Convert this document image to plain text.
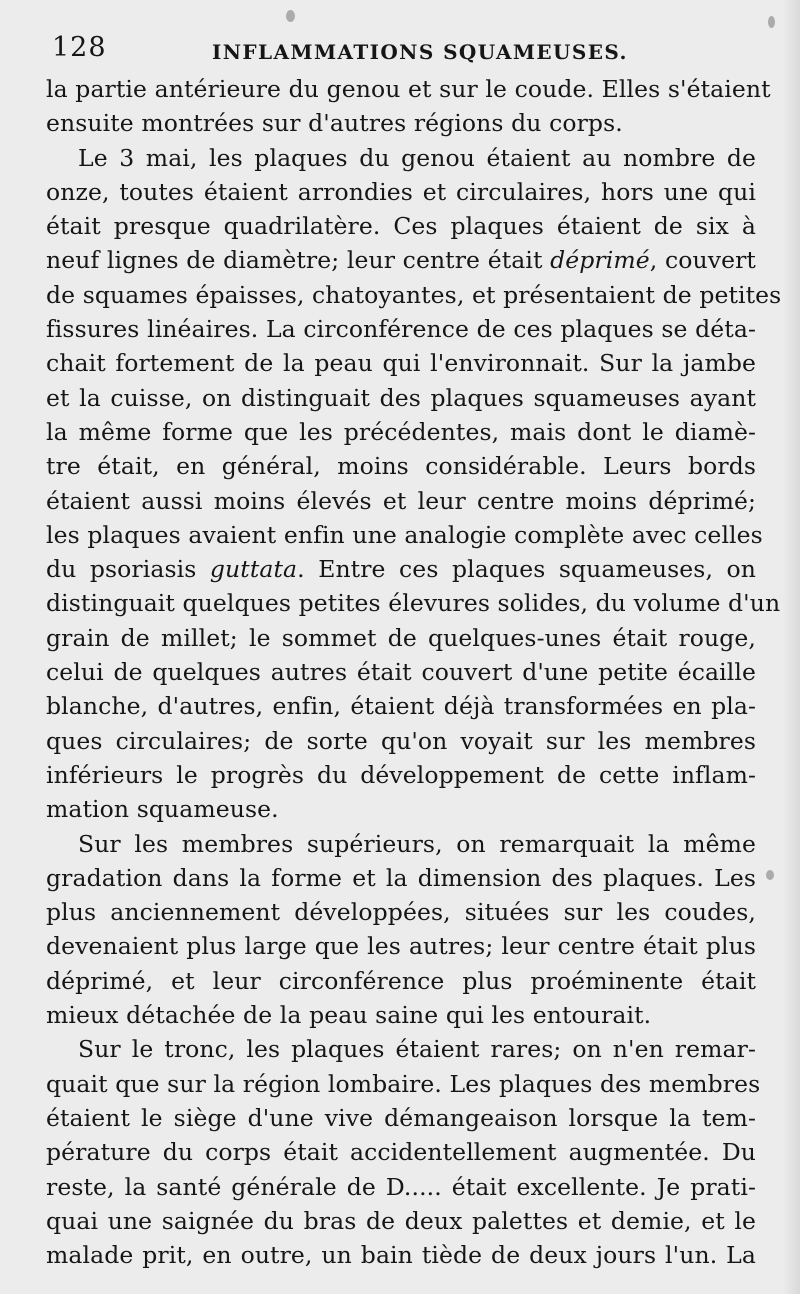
128	INFLAMMATIONS SQUAMEUSES.
la partie antérieure du genou et sur le coude. Elles s'étaient
ensuite montrées sur d'autres régions du corps.
Le 3 mai, les plaques du genou étaient au nombre de
onze, toutes étaient arrondies et circulaires, hors une qui
était presque quadrilatère. Ces plaques étaient de six à
neuf lignes de diamètre; leur centre était déprimé, couvert
de squames épaisses, chatoyantes, et présentaient de petites
fissures linéaires. La circonférence de ces plaques se déta-
chait fortement de la peau qui l'environnait. Sur la jambe
et la cuisse, on distinguait des plaques squameuses ayant
la même forme que les précédentes, mais dont le diamè-
tre était, en général, moins considérable. Leurs bords
étaient aussi moins élevés et leur centre moins déprimé;
les plaques avaient enfin une analogie complète avec celles
du psoriasis guttata. Entre ces plaques squameuses, on
distinguait quelques petites élevures solides, du volume d'un
grain de millet; le sommet de quelques-unes était rouge,
celui de quelques autres était couvert d'une petite écaille
blanche, d'autres, enfin, étaient déjà transformées en pla-
ques circulaires; de sorte qu'on voyait sur les membres
inférieurs le progrès du développement de cette inflam-
mation squameuse.
Sur les membres supérieurs, on remarquait la même
gradation dans la forme et la dimension des plaques. Les
plus anciennement développées, situées sur les coudes,
devenaient plus large que les autres; leur centre était plus
déprimé, et leur circonférence plus proéminente était
mieux détachée de la peau saine qui les entourait.
Sur le tronc, les plaques étaient rares; on n'en remar-
quait que sur la région lombaire. Les plaques des membres
étaient le siège d'une vive démangeaison lorsque la tem-
pérature du corps était accidentellement augmentée. Du
reste, la santé générale de D..... était excellente. Je prati-
quai une saignée du bras de deux palettes et demie, et le
malade prit, en outre, un bain tiède de deux jours l'un. La
